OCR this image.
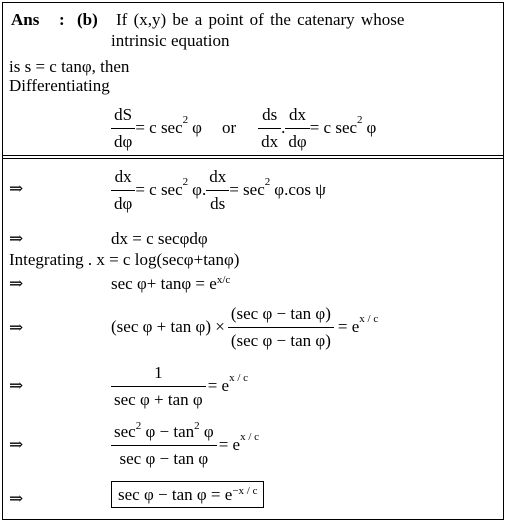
Ans : (b) If (x,y) be a point of the catenary whose
intrinsic equation
is s = c tanφ, then
Differentiating
$\frac{dS}{d\varphi} = c$ sec 2 φ or $\frac{ds}{dx}$ . $\frac{dx}{d\varphi} = c$ sec 2 φ
⇒	$\frac{dx}{d\varphi} = c$ sec 2 φ. $\frac{dx}{ds} = \sec 2$ φ.cos ψ
⇒	dx = c secφdφ
Integrating . x = c log(secφ+tanφ)
⇒	$\sec \varphi+ \tan\varphi = e^{x/c}$
⇒	(sec $\varphi + \tan \varphi) \times \frac{\text{(sec φ − tan φ)}}{\text{(sec φ − tan φ)}} = e$ x / c
⇒	$\frac{1}{\text{sec φ + tan φ}} = e$ x / c
⇒	$\frac{\sec^2 \varphi - \tan^2 \varphi}{\text{sec φ − tan φ}} = e$ x / c
⇒	$\sec \varphi - \tan \varphi = e^{-x / c}$
